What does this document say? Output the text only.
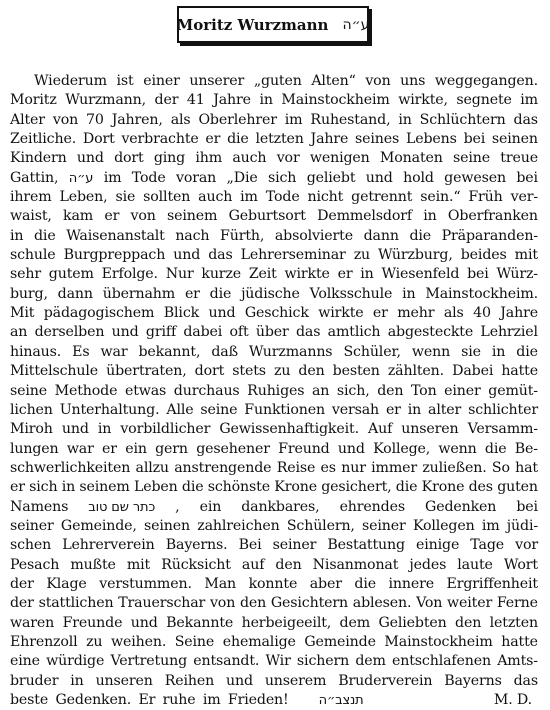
Moritz Wurzmann ע״ה
Wiederum ist einer unserer „guten Alten“ von uns weggegangen.
Moritz Wurzmann, der 41 Jahre in Mainstockheim wirkte, segnete im
Alter von 70 Jahren, als Oberlehrer im Ruhestand, in Schlüchtern das
Zeitliche. Dort verbrachte er die letzten Jahre seines Lebens bei seinen
Kindern und dort ging ihm auch vor wenigen Monaten seine treue
Gattin, ע״ה im Tode voran „Die sich geliebt und hold gewesen bei
ihrem Leben, sie sollten auch im Tode nicht getrennt sein.“ Früh ver-
waist, kam er von seinem Geburtsort Demmelsdorf in Oberfranken
in die Waisenanstalt nach Fürth, absolvierte dann die Präparanden-
schule Burgpreppach und das Lehrerseminar zu Würzburg, beides mit
sehr gutem Erfolge. Nur kurze Zeit wirkte er in Wiesenfeld bei Würz-
burg, dann übernahm er die jüdische Volksschule in Mainstockheim.
Mit pädagogischem Blick und Geschick wirkte er mehr als 40 Jahre
an derselben und griff dabei oft über das amtlich abgesteckte Lehrziel
hinaus. Es war bekannt, daß Wurzmanns Schüler, wenn sie in die
Mittelschule übertraten, dort stets zu den besten zählten. Dabei hatte
seine Methode etwas durchaus Ruhiges an sich, den Ton einer gemüt-
lichen Unterhaltung. Alle seine Funktionen versah er in alter schlichter
Miroh und in vorbildlicher Gewissenhaftigkeit. Auf unseren Versamm-
lungen war er ein gern gesehener Freund und Kollege, wenn die Be-
schwerlichkeiten allzu anstrengende Reise es nur immer zuließen. So hat
er sich in seinem Leben die schönste Krone gesichert, die Krone des guten
Namens כתר שם טוב , ein dankbares, ehrendes Gedenken bei
seiner Gemeinde, seinen zahlreichen Schülern, seiner Kollegen im jüdi-
schen Lehrerverein Bayerns. Bei seiner Bestattung einige Tage vor
Pesach mußte mit Rücksicht auf den Nisanmonat jedes laute Wort
der Klage verstummen. Man konnte aber die innere Ergriffenheit
der stattlichen Trauerschar von den Gesichtern ablesen. Von weiter Ferne
waren Freunde und Bekannte herbeigeeilt, dem Geliebten den letzten
Ehrenzoll zu weihen. Seine ehemalige Gemeinde Mainstockheim hatte
eine würdige Vertretung entsandt. Wir sichern dem entschlafenen Amts-
bruder in unseren Reihen und unserem Bruderverein Bayerns das
beste Gedenken. Er ruhe im Frieden! תנצב״ה	M. D.
